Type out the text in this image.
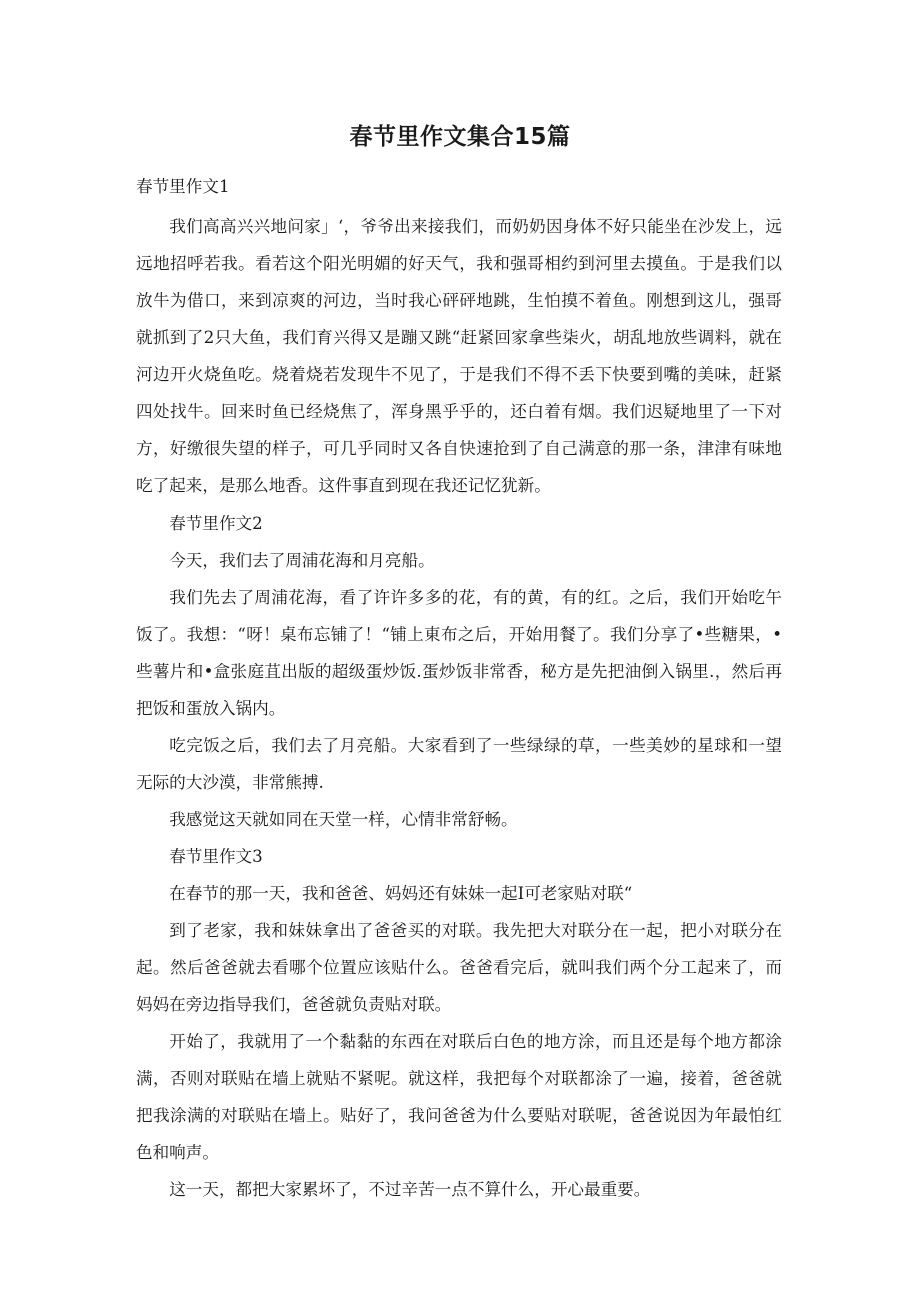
春节里作文集合15篇

春节里作文1

我们高高兴兴地问家」‘，爷爷出来接我们，而奶奶因身体不好只能坐在沙发上，远远地招呼若我。看若这个阳光明媚的好天气，我和强哥相约到河里去摸鱼。于是我们以放牛为借口，来到凉爽的河边，当时我心砰砰地跳，生怕摸不着鱼。刚想到这儿，强哥就抓到了2只大鱼，我们育兴得又是蹦又跳“赶紧回家拿些柒火，胡乱地放些调料，就在河边开火烧鱼吃。烧着烧若发现牛不见了，于是我们不得不丢下快要到嘴的美味，赶紧四处找牛。回来时鱼已经烧焦了，浑身黑乎乎的，还白着有烟。我们迟疑地里了一下对方，好缴很失望的样子，可几乎同时又各自快速抢到了自己满意的那一条，津津有味地吃了起来，是那么地香。这件事直到现在我还记忆犹新。

春节里作文2

今天，我们去了周浦花海和月亮船。

我们先去了周浦花海，看了许许多多的花，有的黄，有的红。之后，我们开始吃午饭了。我想：“呀！桌布忘铺了！“铺上東布之后，开始用餐了。我们分享了•些糖果，•些薯片和•盒张庭苴出版的超级蛋炒饭.蛋炒饭非常香，秘方是先把油倒入锅里.，然后再把饭和蛋放入锅内。

吃完饭之后，我们去了月亮船。大家看到了一些绿绿的草，一些美妙的星球和一望无际的大沙漠，非常熊搏.

我感觉这天就如同在天堂一样，心情非常舒畅。

春节里作文3

在春节的那一天，我和爸爸、妈妈还有妹妹一起I可老家贴对联“

到了老家，我和妹妹拿出了爸爸买的对联。我先把大对联分在一起，把小对联分在起。然后爸爸就去看哪个位置应该贴什么。爸爸看完后，就叫我们两个分工起来了，而妈妈在旁边指导我们，爸爸就负责贴对联。

开始了，我就用了一个黏黏的东西在对联后白色的地方涂，而且还是每个地方都涂满，否则对联贴在墙上就贴不紧呢。就这样，我把每个对联都涂了一遍，接着，爸爸就把我涂满的对联贴在墙上。贴好了，我问爸爸为什么要贴对联呢，爸爸说因为年最怕红色和响声。

这一天，都把大家累坏了，不过辛苦一点不算什么，开心最重要。
